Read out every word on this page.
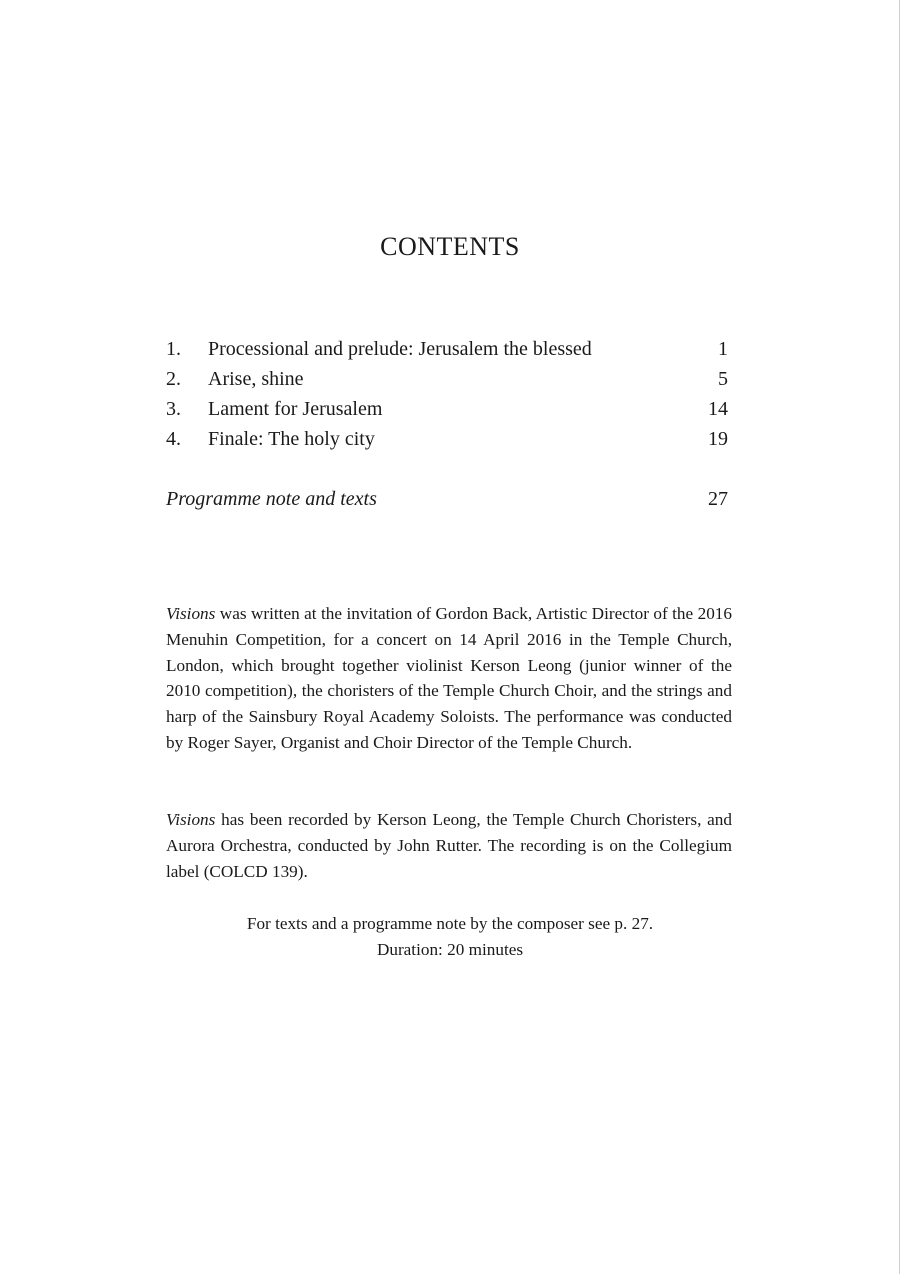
CONTENTS
1.	Processional and prelude: Jerusalem the blessed	1
2.	Arise, shine	5
3.	Lament for Jerusalem	14
4.	Finale: The holy city	19
Programme note and texts	27

Visions was written at the invitation of Gordon Back, Artistic Director of the 2016 Menuhin Competition, for a concert on 14 April 2016 in the Temple Church, London, which brought together violinist Kerson Leong (junior winner of the 2010 competition), the choristers of the Temple Church Choir, and the strings and harp of the Sainsbury Royal Academy Soloists. The performance was conducted by Roger Sayer, Organist and Choir Director of the Temple Church.

Visions has been recorded by Kerson Leong, the Temple Church Choristers, and Aurora Orchestra, conducted by John Rutter. The recording is on the Collegium label (COLCD 139).

For texts and a programme note by the composer see p. 27.
Duration: 20 minutes
